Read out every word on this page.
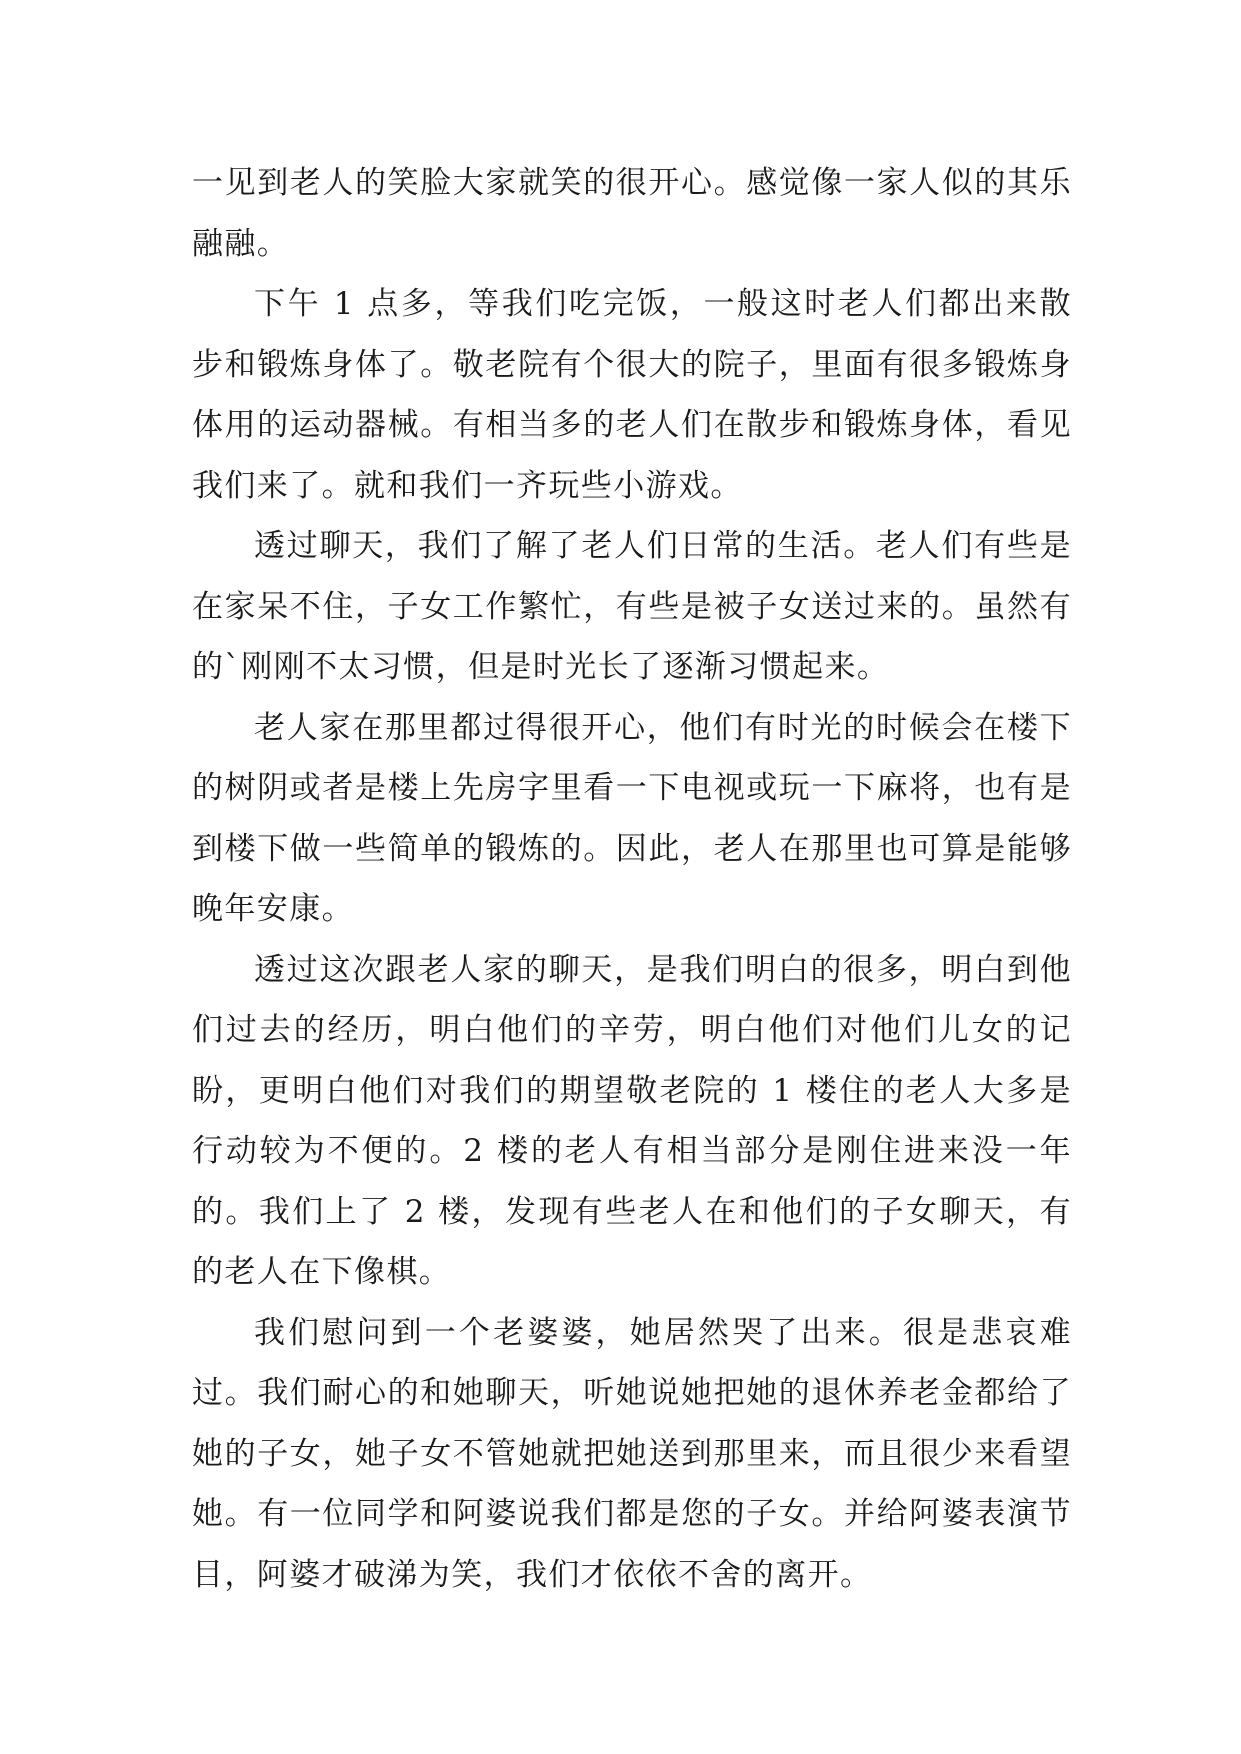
一见到老人的笑脸大家就笑的很开心。感觉像一家人似的其乐融融。

下午 1 点多，等我们吃完饭，一般这时老人们都出来散步和锻炼身体了。敬老院有个很大的院子，里面有很多锻炼身体用的运动器械。有相当多的老人们在散步和锻炼身体，看见我们来了。就和我们一齐玩些小游戏。

透过聊天，我们了解了老人们日常的生活。老人们有些是在家呆不住，子女工作繁忙，有些是被子女送过来的。虽然有的`刚刚不太习惯，但是时光长了逐渐习惯起来。

老人家在那里都过得很开心，他们有时光的时候会在楼下的树阴或者是楼上先房字里看一下电视或玩一下麻将，也有是到楼下做一些简单的锻炼的。因此，老人在那里也可算是能够晚年安康。

透过这次跟老人家的聊天，是我们明白的很多，明白到他们过去的经历，明白他们的辛劳，明白他们对他们儿女的记盼，更明白他们对我们的期望敬老院的 1 楼住的老人大多是行动较为不便的。2 楼的老人有相当部分是刚住进来没一年的。我们上了 2 楼，发现有些老人在和他们的子女聊天，有的老人在下像棋。

我们慰问到一个老婆婆，她居然哭了出来。很是悲哀难过。我们耐心的和她聊天，听她说她把她的退休养老金都给了她的子女，她子女不管她就把她送到那里来，而且很少来看望她。有一位同学和阿婆说我们都是您的子女。并给阿婆表演节目，阿婆才破涕为笑，我们才依依不舍的离开。
